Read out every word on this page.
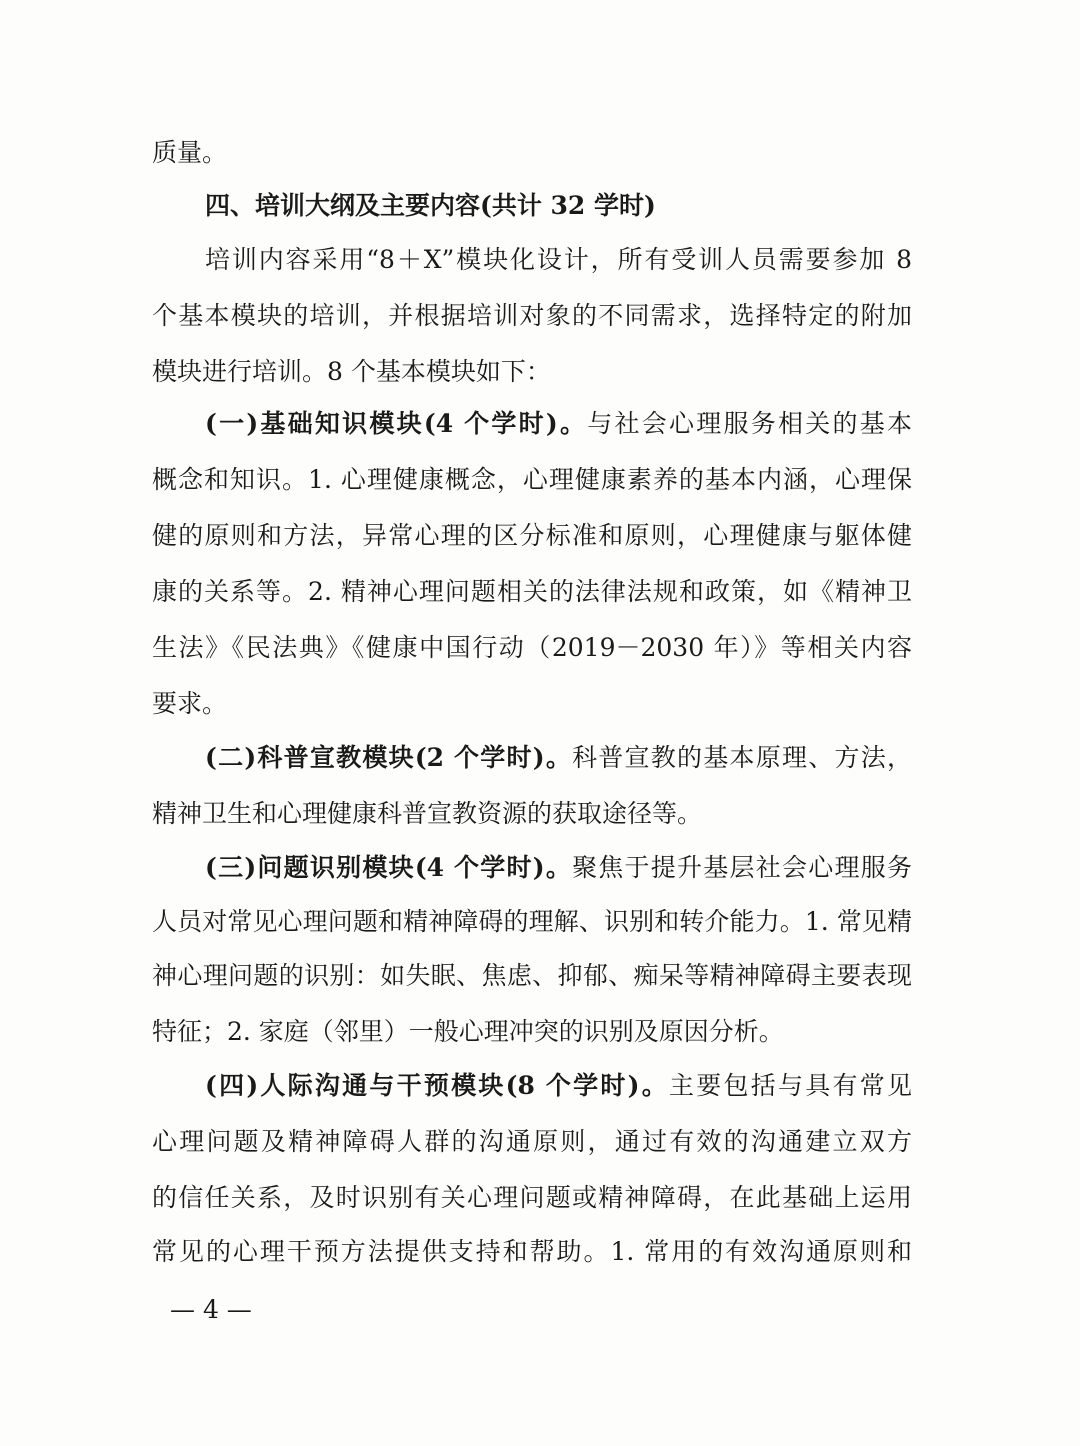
质量。
四、培训大纲及主要内容(共计 32 学时)
培训内容采用“8＋X”模块化设计，所有受训人员需要参加 8
个基本模块的培训，并根据培训对象的不同需求，选择特定的附加
模块进行培训。8 个基本模块如下：
(一)基础知识模块(4 个学时)。与社会心理服务相关的基本
概念和知识。1. 心理健康概念，心理健康素养的基本内涵，心理保
健的原则和方法，异常心理的区分标准和原则，心理健康与躯体健
康的关系等。2. 精神心理问题相关的法律法规和政策，如《精神卫
生法》《民法典》《健康中国行动（2019－2030 年）》等相关内容
要求。
(二)科普宣教模块(2 个学时)。科普宣教的基本原理、方法，
精神卫生和心理健康科普宣教资源的获取途径等。
(三)问题识别模块(4 个学时)。聚焦于提升基层社会心理服务
人员对常见心理问题和精神障碍的理解、识别和转介能力。1. 常见精
神心理问题的识别：如失眠、焦虑、抑郁、痴呆等精神障碍主要表现
特征；2. 家庭（邻里）一般心理冲突的识别及原因分析。
(四)人际沟通与干预模块(8 个学时)。主要包括与具有常见
心理问题及精神障碍人群的沟通原则，通过有效的沟通建立双方
的信任关系，及时识别有关心理问题或精神障碍，在此基础上运用
常见的心理干预方法提供支持和帮助。1. 常用的有效沟通原则和
— 4 —
